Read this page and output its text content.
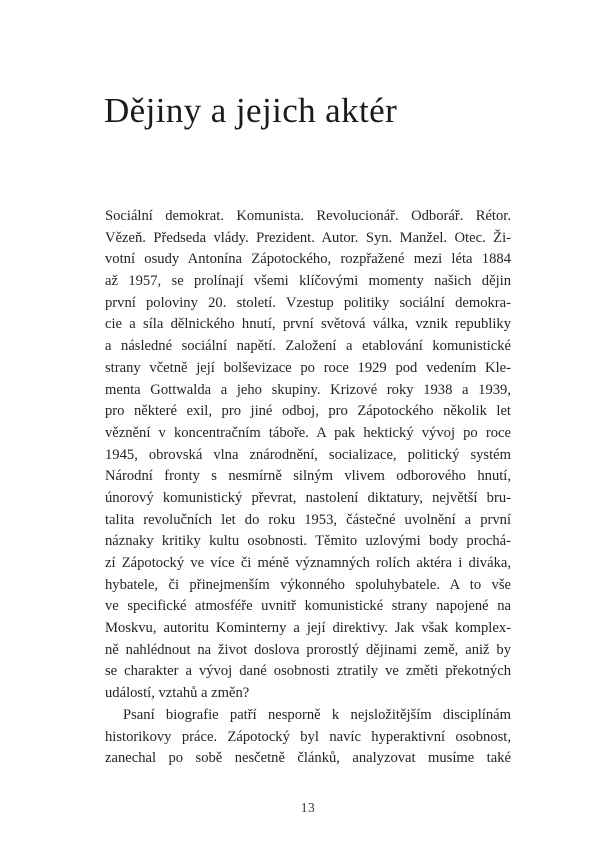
Dějiny a jejich aktér
Sociální demokrat. Komunista. Revolucionář. Odborář. Rétor.
Vězeň. Předseda vlády. Prezident. Autor. Syn. Manžel. Otec. Ži-
votní osudy Antonína Zápotockého, rozpřažené mezi léta 1884
až 1957, se prolínají všemi klíčovými momenty našich dějin
první poloviny 20. století. Vzestup politiky sociální demokra-
cie a síla dělnického hnutí, první světová válka, vznik republiky
a následné sociální napětí. Založení a etablování komunistické
strany včetně její bolševizace po roce 1929 pod vedením Kle-
menta Gottwalda a jeho skupiny. Krizové roky 1938 a 1939,
pro některé exil, pro jiné odboj, pro Zápotockého několik let
věznění v koncentračním táboře. A pak hektický vývoj po roce
1945, obrovská vlna znárodnění, socializace, politický systém
Národní fronty s nesmírně silným vlivem odborového hnutí,
únorový komunistický převrat, nastolení diktatury, největší bru-
talita revolučních let do roku 1953, částečné uvolnění a první
náznaky kritiky kultu osobnosti. Těmito uzlovými body prochá-
zí Zápotocký ve více či méně významných rolích aktéra i diváka,
hybatele, či přinejmenším výkonného spoluhybatele. A to vše
ve specifické atmosféře uvnitř komunistické strany napojené na
Moskvu, autoritu Kominterny a její direktivy. Jak však komplex-
ně nahlédnout na život doslova prorostlý dějinami země, aniž by
se charakter a vývoj dané osobnosti ztratily ve změti překotných
událostí, vztahů a změn?
Psaní biografie patří nesporně k nejsložitějším disciplínám
historikovy práce. Zápotocký byl navíc hyperaktivní osobnost,
zanechal po sobě nesčetně článků, analyzovat musíme také
13
